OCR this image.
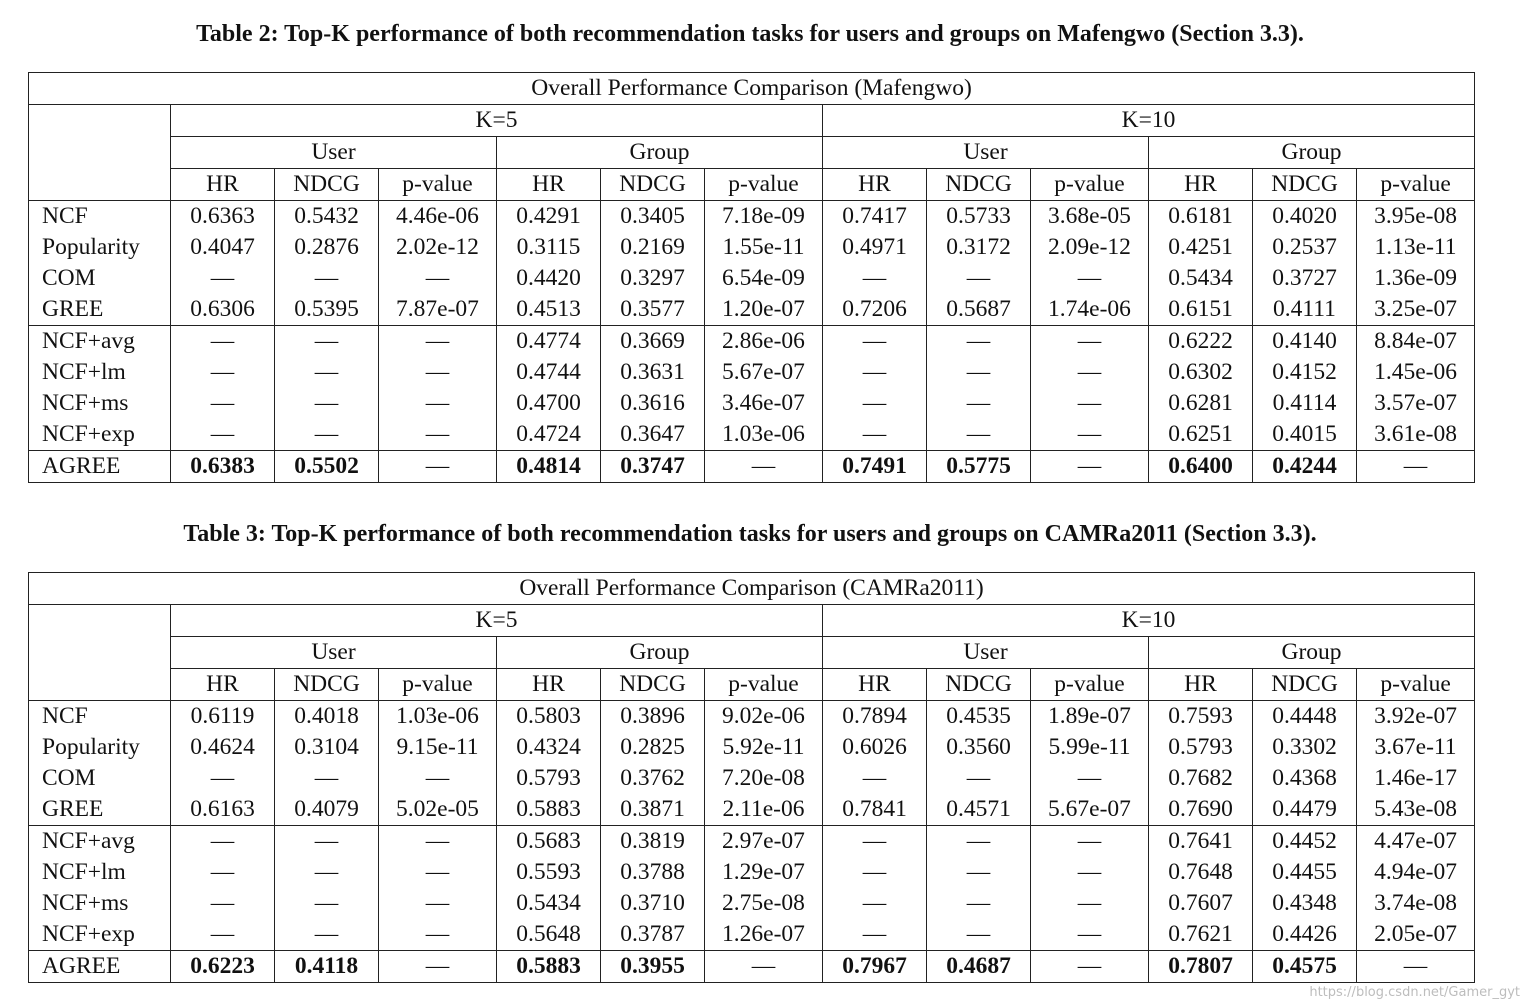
Table 2: Top-K performance of both recommendation tasks for users and groups on Mafengwo (Section 3.3).
Overall Performance Comparison (Mafengwo)												
	K=5						K=10					
	User			Group			User			Group		
	HR	NDCG	p-value	HR	NDCG	p-value	HR	NDCG	p-value	HR	NDCG	p-value
NCF	0.6363	0.5432	4.46e-06	0.4291	0.3405	7.18e-09	0.7417	0.5733	3.68e-05	0.6181	0.4020	3.95e-08
Popularity	0.4047	0.2876	2.02e-12	0.3115	0.2169	1.55e-11	0.4971	0.3172	2.09e-12	0.4251	0.2537	1.13e-11
COM	—	—	—	0.4420	0.3297	6.54e-09	—	—	—	0.5434	0.3727	1.36e-09
GREE	0.6306	0.5395	7.87e-07	0.4513	0.3577	1.20e-07	0.7206	0.5687	1.74e-06	0.6151	0.4111	3.25e-07
NCF+avg	—	—	—	0.4774	0.3669	2.86e-06	—	—	—	0.6222	0.4140	8.84e-07
NCF+lm	—	—	—	0.4744	0.3631	5.67e-07	—	—	—	0.6302	0.4152	1.45e-06
NCF+ms	—	—	—	0.4700	0.3616	3.46e-07	—	—	—	0.6281	0.4114	3.57e-07
NCF+exp	—	—	—	0.4724	0.3647	1.03e-06	—	—	—	0.6251	0.4015	3.61e-08
AGREE	0.6383	0.5502	—	0.4814	0.3747	—	0.7491	0.5775	—	0.6400	0.4244	—
Table 3: Top-K performance of both recommendation tasks for users and groups on CAMRa2011 (Section 3.3).
Overall Performance Comparison (CAMRa2011)												
	K=5						K=10					
	User			Group			User			Group		
	HR	NDCG	p-value	HR	NDCG	p-value	HR	NDCG	p-value	HR	NDCG	p-value
NCF	0.6119	0.4018	1.03e-06	0.5803	0.3896	9.02e-06	0.7894	0.4535	1.89e-07	0.7593	0.4448	3.92e-07
Popularity	0.4624	0.3104	9.15e-11	0.4324	0.2825	5.92e-11	0.6026	0.3560	5.99e-11	0.5793	0.3302	3.67e-11
COM	—	—	—	0.5793	0.3762	7.20e-08	—	—	—	0.7682	0.4368	1.46e-17
GREE	0.6163	0.4079	5.02e-05	0.5883	0.3871	2.11e-06	0.7841	0.4571	5.67e-07	0.7690	0.4479	5.43e-08
NCF+avg	—	—	—	0.5683	0.3819	2.97e-07	—	—	—	0.7641	0.4452	4.47e-07
NCF+lm	—	—	—	0.5593	0.3788	1.29e-07	—	—	—	0.7648	0.4455	4.94e-07
NCF+ms	—	—	—	0.5434	0.3710	2.75e-08	—	—	—	0.7607	0.4348	3.74e-08
NCF+exp	—	—	—	0.5648	0.3787	1.26e-07	—	—	—	0.7621	0.4426	2.05e-07
AGREE	0.6223	0.4118	—	0.5883	0.3955	—	0.7967	0.4687	—	0.7807	0.4575	—
https://blog.csdn.net/Gamer_gyt
